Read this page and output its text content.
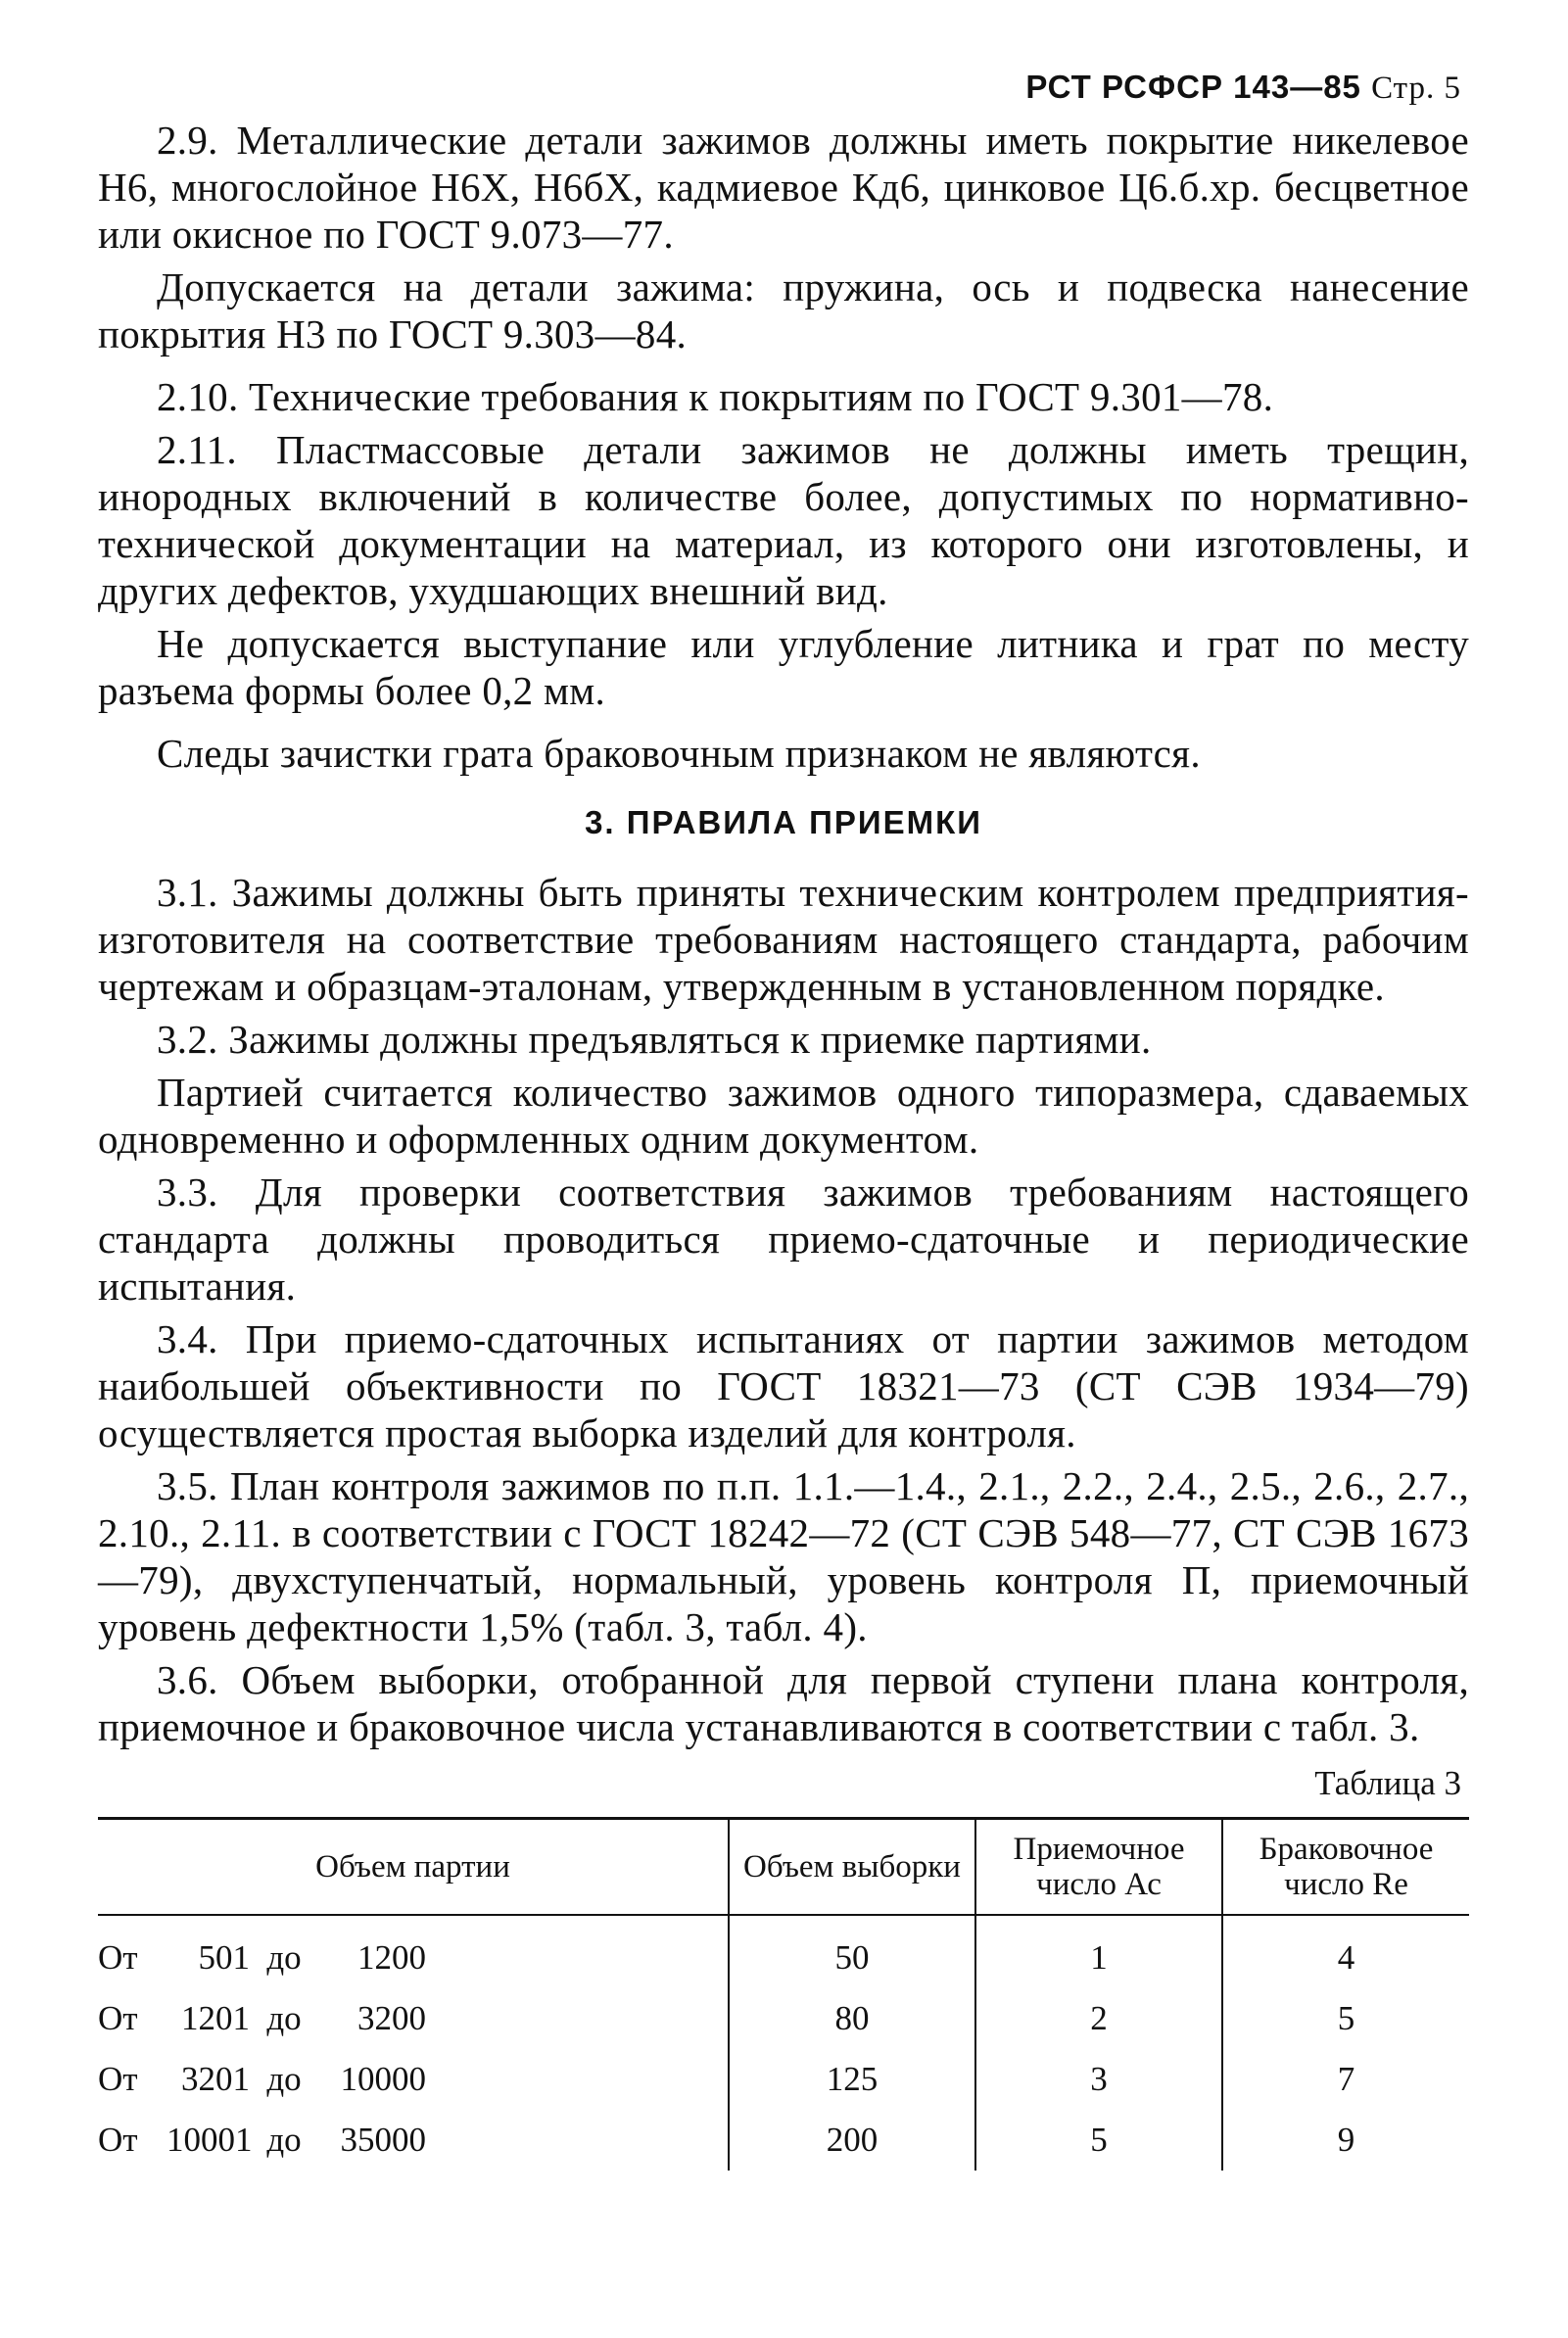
РСТ РСФСР 143—85 Стр. 5

2.9. Металлические детали зажимов должны иметь покрытие никелевое Н6, многослойное Н6Х, Н6бХ, кадмиевое Кд6, цинковое Ц6.б.хр. бесцветное или окисное по ГОСТ 9.073—77.

Допускается на детали зажима: пружина, ось и подвеска нанесение покрытия Н3 по ГОСТ 9.303—84.

2.10. Технические требования к покрытиям по ГОСТ 9.301—78.

2.11. Пластмассовые детали зажимов не должны иметь трещин, инородных включений в количестве более, допустимых по нормативно-технической документации на материал, из которого они изготовлены, и других дефектов, ухудшающих внешний вид.

Не допускается выступание или углубление литника и грат по месту разъема формы более 0,2 мм.

Следы зачистки грата браковочным признаком не являются.

3. ПРАВИЛА ПРИЕМКИ

3.1. Зажимы должны быть приняты техническим контролем предприятия-изготовителя на соответствие требованиям настоящего стандарта, рабочим чертежам и образцам-эталонам, утвержденным в установленном порядке.

3.2. Зажимы должны предъявляться к приемке партиями.

Партией считается количество зажимов одного типоразмера, сдаваемых одновременно и оформленных одним документом.

3.3. Для проверки соответствия зажимов требованиям настоящего стандарта должны проводиться приемо-сдаточные и периодические испытания.

3.4. При приемо-сдаточных испытаниях от партии зажимов методом наибольшей объективности по ГОСТ 18321—73 (СТ СЭВ 1934—79) осуществляется простая выборка изделий для контроля.

3.5. План контроля зажимов по п.п. 1.1.—1.4., 2.1., 2.2., 2.4., 2.5., 2.6., 2.7., 2.10., 2.11. в соответствии с ГОСТ 18242—72 (СТ СЭВ 548—77, СТ СЭВ 1673—79), двухступенчатый, нормальный, уровень контроля П, приемочный уровень дефектности 1,5% (табл. 3, табл. 4).

3.6. Объем выборки, отобранной для первой ступени плана контроля, приемочное и браковочное числа устанавливаются в соответствии с табл. 3.

Таблица 3
Объем партии	Объем выборки	Приемочное число Ас	Браковочное число Re
От 501 до 1200	50	1	4
От 1201 до 3200	80	2	5
От 3201 до 10000	125	3	7
От 10001 до 35000	200	5	9
